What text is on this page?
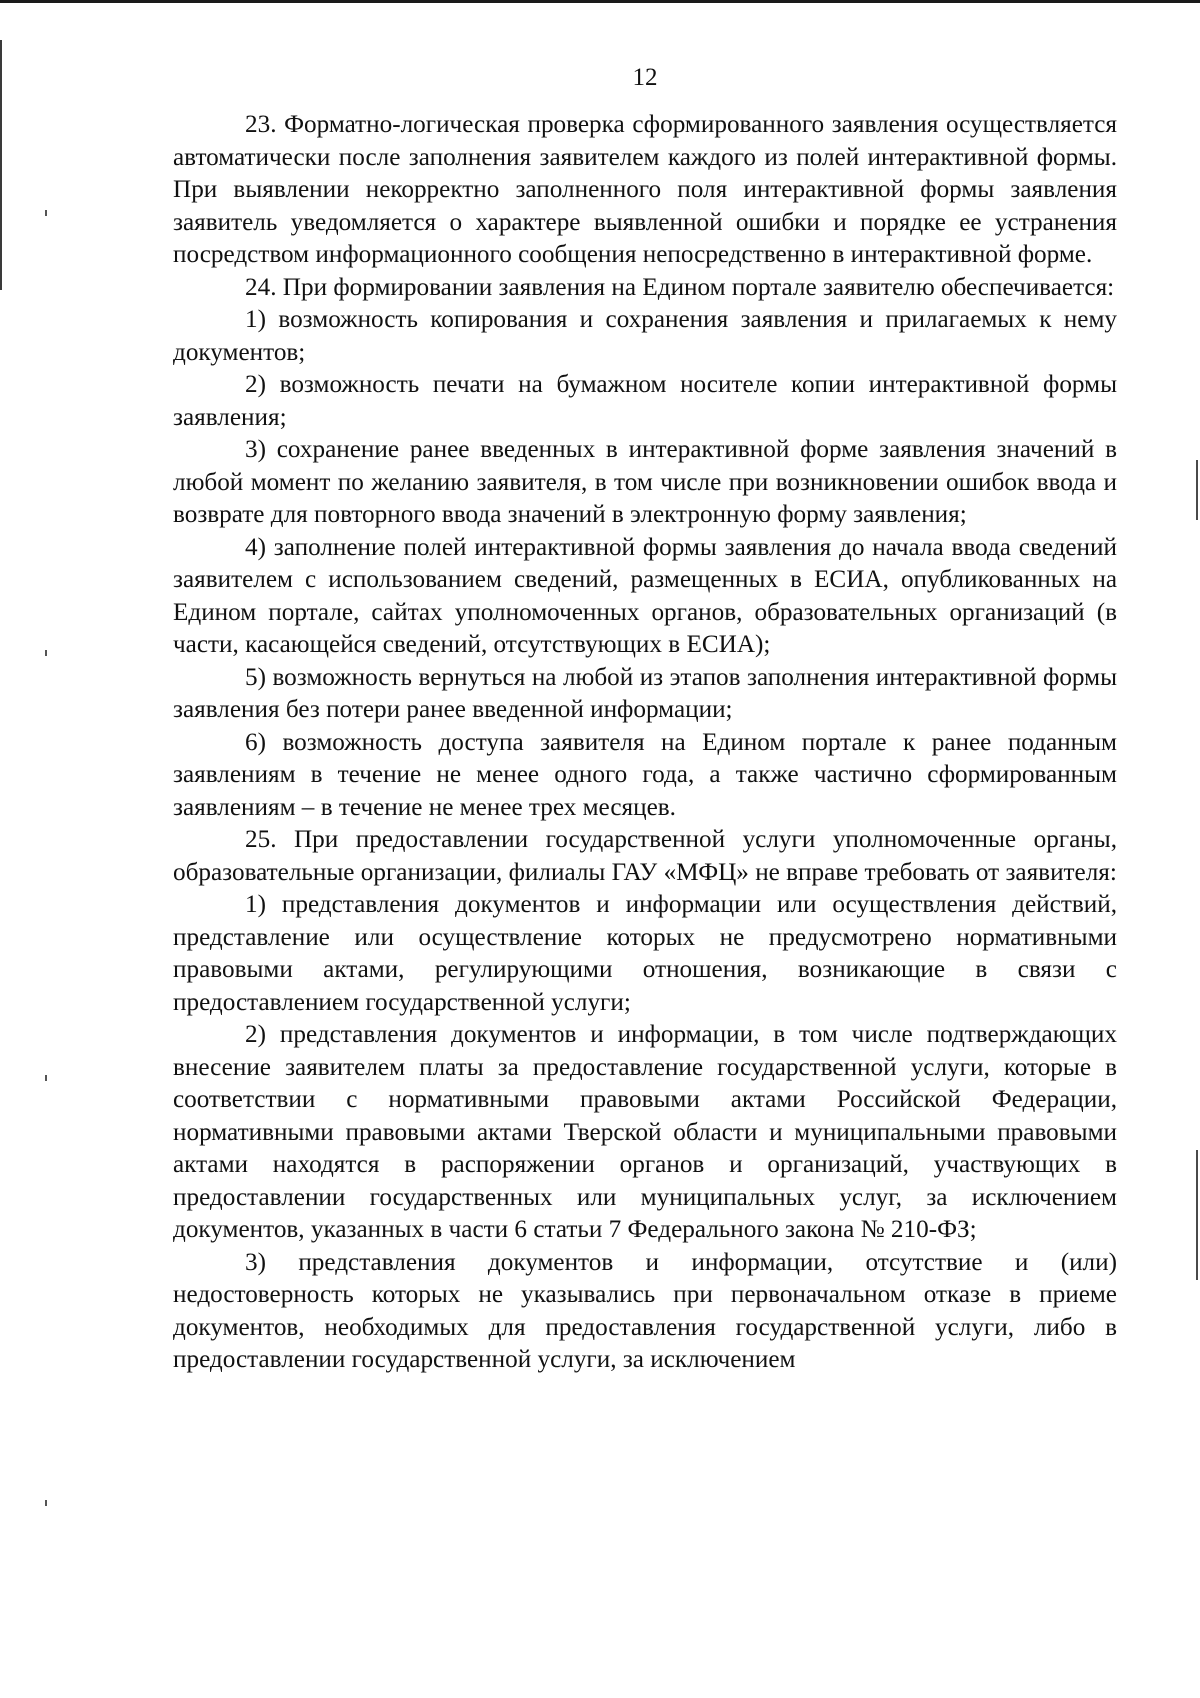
12

23. Форматно-логическая проверка сформированного заявления осуществляется автоматически после заполнения заявителем каждого из полей интерактивной формы. При выявлении некорректно заполненного поля интерактивной формы заявления заявитель уведомляется о характере выявленной ошибки и порядке ее устранения посредством информационного сообщения непосредственно в интерактивной форме.

24. При формировании заявления на Едином портале заявителю обеспечивается:

1) возможность копирования и сохранения заявления и прилагаемых к нему документов;

2) возможность печати на бумажном носителе копии интерактивной формы заявления;

3) сохранение ранее введенных в интерактивной форме заявления значений в любой момент по желанию заявителя, в том числе при возникновении ошибок ввода и возврате для повторного ввода значений в электронную форму заявления;

4) заполнение полей интерактивной формы заявления до начала ввода сведений заявителем с использованием сведений, размещенных в ЕСИА, опубликованных на Едином портале, сайтах уполномоченных органов, образовательных организаций (в части, касающейся сведений, отсутствующих в ЕСИА);

5) возможность вернуться на любой из этапов заполнения интерактивной формы заявления без потери ранее введенной информации;

6) возможность доступа заявителя на Едином портале к ранее поданным заявлениям в течение не менее одного года, а также частично сформированным заявлениям – в течение не менее трех месяцев.

25. При предоставлении государственной услуги уполномоченные органы, образовательные организации, филиалы ГАУ «МФЦ» не вправе требовать от заявителя:

1) представления документов и информации или осуществления действий, представление или осуществление которых не предусмотрено нормативными правовыми актами, регулирующими отношения, возникающие в связи с предоставлением государственной услуги;

2) представления документов и информации, в том числе подтверждающих внесение заявителем платы за предоставление государственной услуги, которые в соответствии с нормативными правовыми актами Российской Федерации, нормативными правовыми актами Тверской области и муниципальными правовыми актами находятся в распоряжении органов и организаций, участвующих в предоставлении государственных или муниципальных услуг, за исключением документов, указанных в части 6 статьи 7 Федерального закона № 210-ФЗ;

3) представления документов и информации, отсутствие и (или) недостоверность которых не указывались при первоначальном отказе в приеме документов, необходимых для предоставления государственной услуги, либо в предоставлении государственной услуги, за исключением
